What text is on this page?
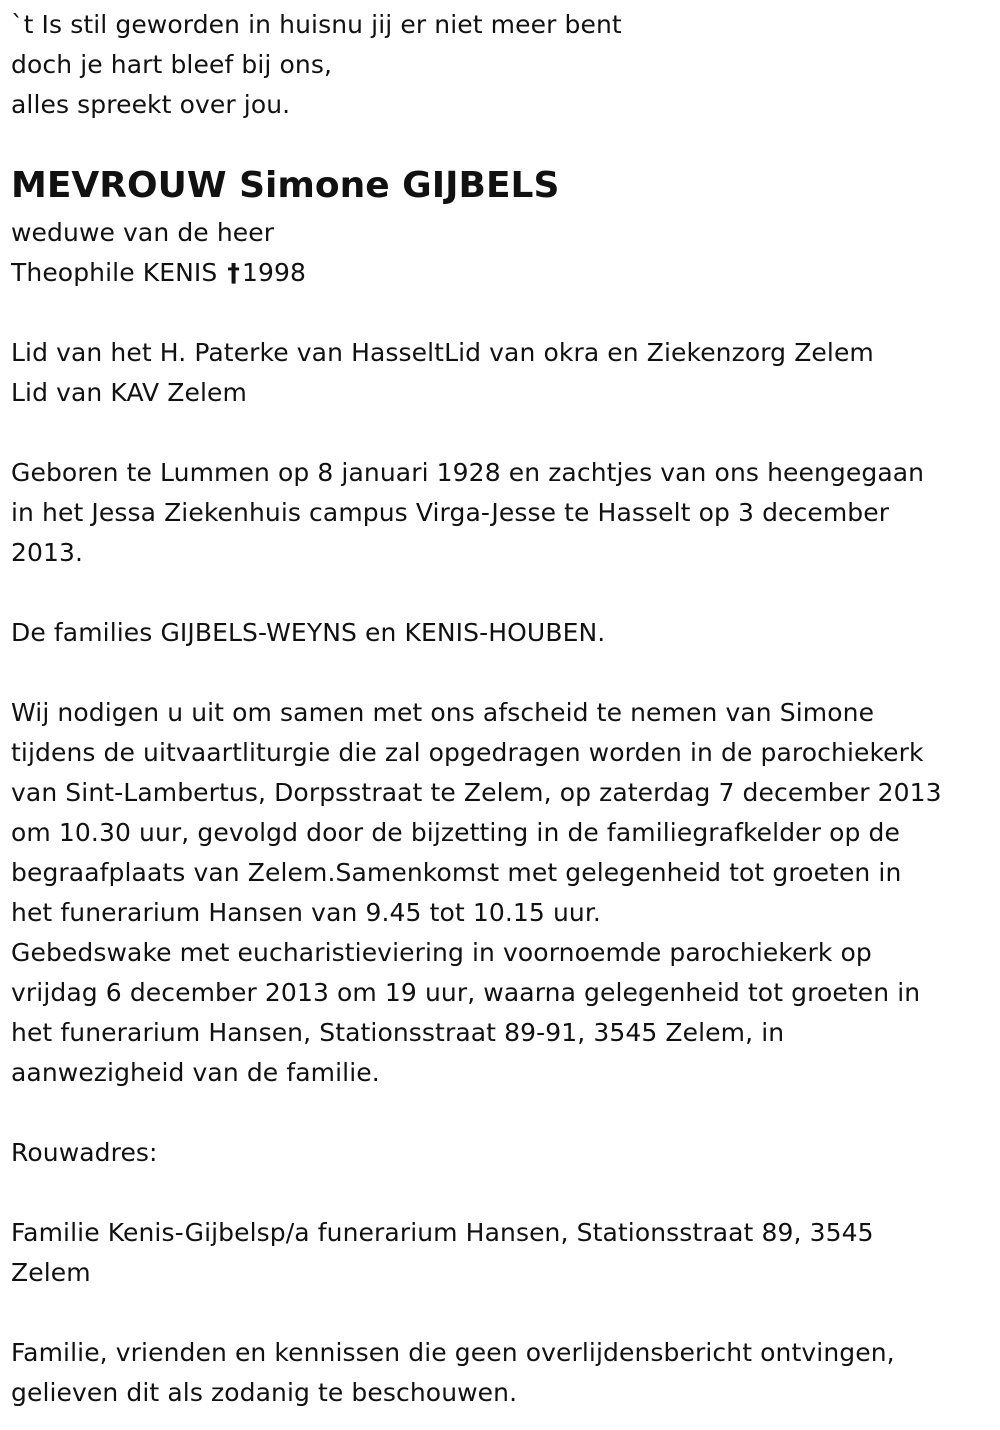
`t Is stil geworden in huisnu jij er niet meer bent
doch je hart bleef bij ons,
alles spreekt over jou.
MEVROUW Simone GIJBELS
weduwe van de heer
Theophile KENIS †1998
Lid van het H. Paterke van HasseltLid van okra en Ziekenzorg Zelem
Lid van KAV Zelem
Geboren te Lummen op 8 januari 1928 en zachtjes van ons heengegaan
in het Jessa Ziekenhuis campus Virga-Jesse te Hasselt op 3 december
2013.
De families GIJBELS-WEYNS en KENIS-HOUBEN.
Wij nodigen u uit om samen met ons afscheid te nemen van Simone
tijdens de uitvaartliturgie die zal opgedragen worden in de parochiekerk
van Sint-Lambertus, Dorpsstraat te Zelem, op zaterdag 7 december 2013
om 10.30 uur, gevolgd door de bijzetting in de familiegrafkelder op de
begraafplaats van Zelem.Samenkomst met gelegenheid tot groeten in
het funerarium Hansen van 9.45 tot 10.15 uur.
Gebedswake met eucharistieviering in voornoemde parochiekerk op
vrijdag 6 december 2013 om 19 uur, waarna gelegenheid tot groeten in
het funerarium Hansen, Stationsstraat 89-91, 3545 Zelem, in
aanwezigheid van de familie.
Rouwadres:
Familie Kenis-Gijbelsp/a funerarium Hansen, Stationsstraat 89, 3545
Zelem
Familie, vrienden en kennissen die geen overlijdensbericht ontvingen,
gelieven dit als zodanig te beschouwen.
